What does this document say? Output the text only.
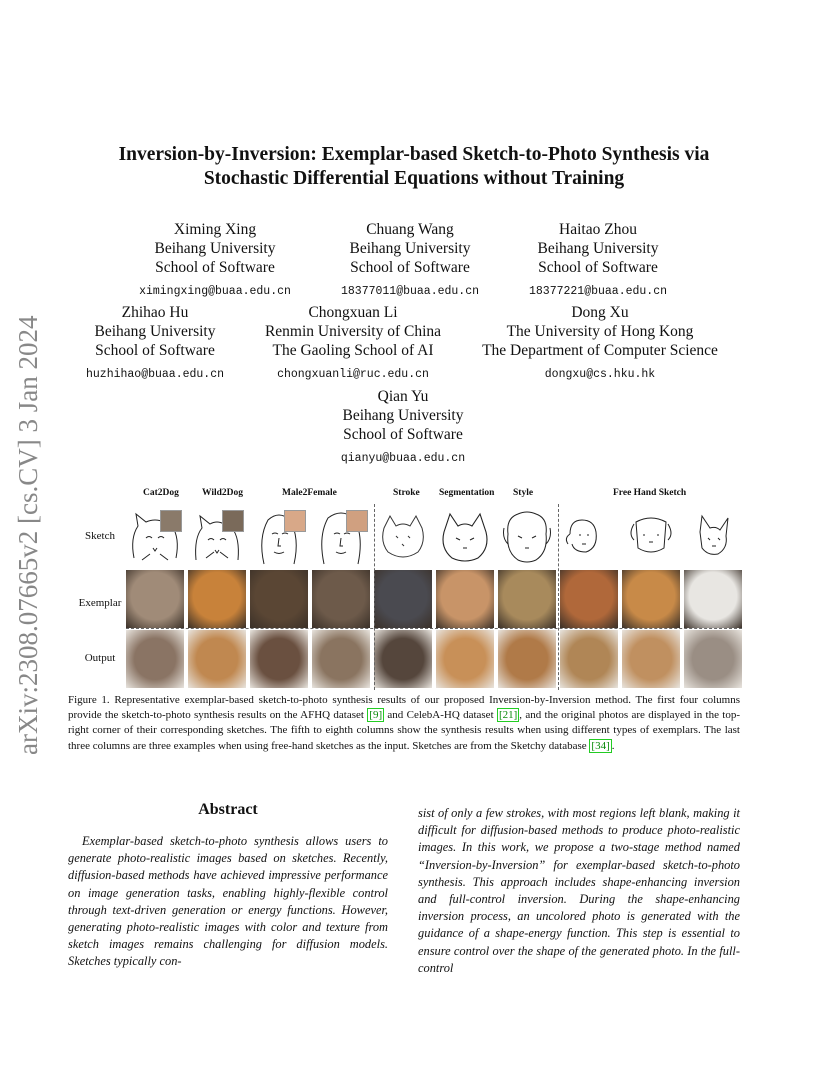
arXiv:2308.07665v2 [cs.CV] 3 Jan 2024
Inversion-by-Inversion: Exemplar-based Sketch-to-Photo Synthesis via
Stochastic Differential Equations without Training
Ximing Xing
Beihang University
School of Software
ximingxing@buaa.edu.cn
Chuang Wang
Beihang University
School of Software
18377011@buaa.edu.cn
Haitao Zhou
Beihang University
School of Software
18377221@buaa.edu.cn
Zhihao Hu
Beihang University
School of Software
huzhihao@buaa.edu.cn
Chongxuan Li
Renmin University of China
The Gaoling School of AI
chongxuanli@ruc.edu.cn
Dong Xu
The University of Hong Kong
The Department of Computer Science
dongxu@cs.hku.hk
Qian Yu
Beihang University
School of Software
qianyu@buaa.edu.cn
Cat2Dog Wild2Dog	Male2Female	Stroke Segmentation Style	Free Hand Sketch
Sketch
Exemplar
Output
Figure 1. Representative exemplar-based sketch-to-photo synthesis results of our proposed Inversion-by-Inversion method. The first four columns provide the sketch-to-photo synthesis results on the AFHQ dataset [9] and CelebA-HQ dataset [21] , and the original photos are displayed in the top-right corner of their corresponding sketches. The fifth to eighth columns show the synthesis results when using different types of exemplars. The last three columns are three examples when using free-hand sketches as the input. Sketches are from the Sketchy database [34] .
Abstract

Exemplar-based sketch-to-photo synthesis allows users to generate photo-realistic images based on sketches. Recently, diffusion-based methods have achieved impressive performance on image generation tasks, enabling highly-flexible control through text-driven generation or energy functions. However, generating photo-realistic images with color and texture from sketch images remains challenging for diffusion models. Sketches typically con-

sist of only a few strokes, with most regions left blank, making it difficult for diffusion-based methods to produce photo-realistic images. In this work, we propose a two-stage method named “Inversion-by-Inversion” for exemplar-based sketch-to-photo synthesis. This approach includes shape-enhancing inversion and full-control inversion. During the shape-enhancing inversion process, an uncolored photo is generated with the guidance of a shape-energy function. This step is essential to ensure control over the shape of the generated photo. In the full-control
